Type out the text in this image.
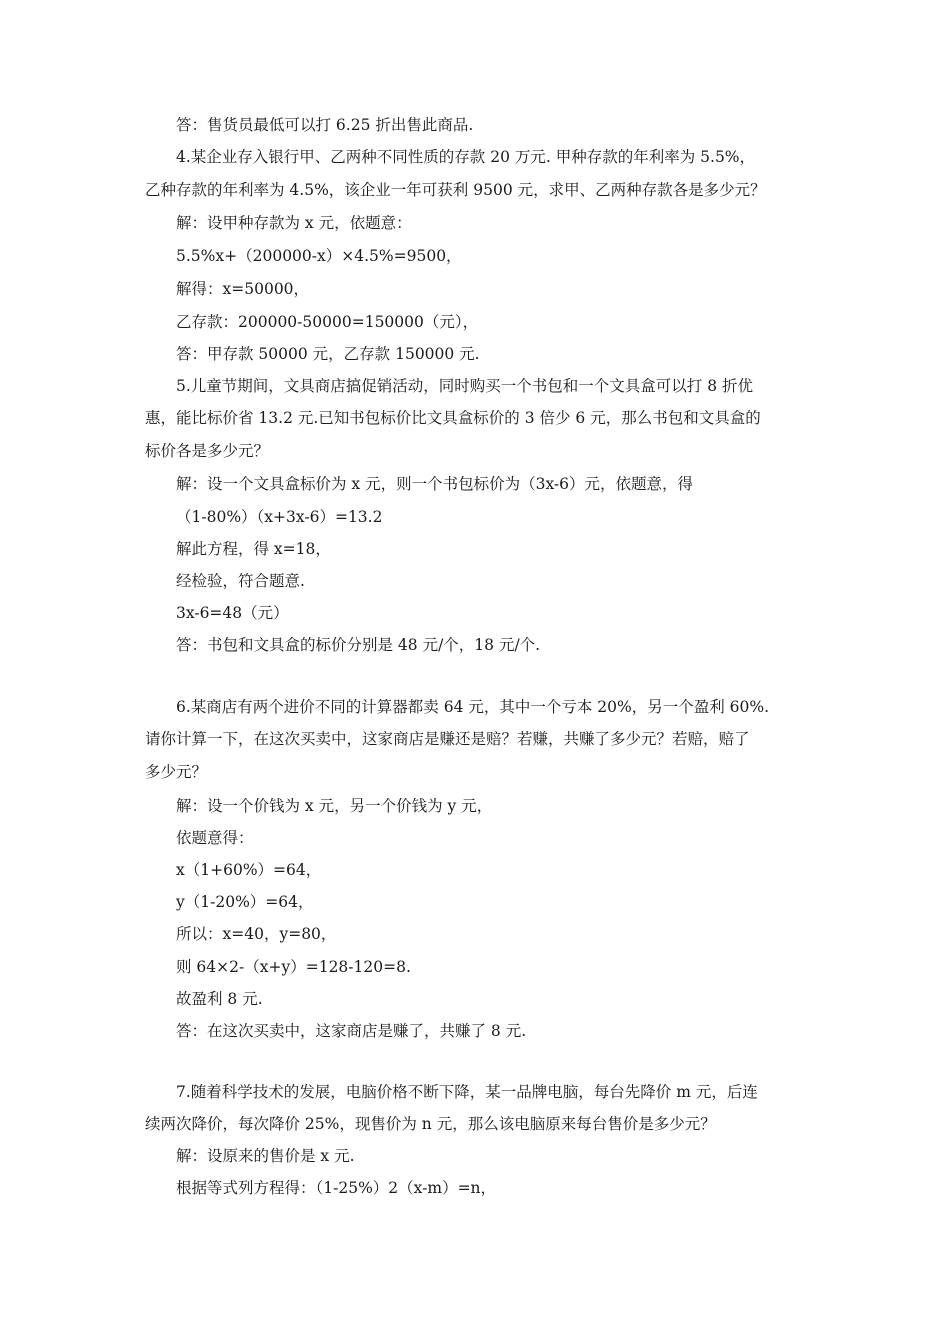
答：售货员最低可以打 6.25 折出售此商品.
4.某企业存入银行甲、乙两种不同性质的存款 20 万元. 甲种存款的年利率为 5.5%，
乙种存款的年利率为 4.5%，该企业一年可获利 9500 元，求甲、乙两种存款各是多少元？
解：设甲种存款为 x 元，依题意：
5.5%x+（200000-x）×4.5%=9500，
解得：x=50000，
乙存款：200000-50000=150000（元），
答：甲存款 50000 元，乙存款 150000 元.
5.儿童节期间，文具商店搞促销活动，同时购买一个书包和一个文具盒可以打 8 折优
惠，能比标价省 13.2 元.已知书包标价比文具盒标价的 3 倍少 6 元，那么书包和文具盒的
标价各是多少元？
解：设一个文具盒标价为 x 元，则一个书包标价为（3x-6）元，依题意，得
（1-80%）（x+3x-6）=13.2
解此方程，得 x=18，
经检验，符合题意.
3x-6=48（元）
答：书包和文具盒的标价分别是 48 元/个，18 元/个.
6.某商店有两个进价不同的计算器都卖 64 元，其中一个亏本 20%，另一个盈利 60%.
请你计算一下，在这次买卖中，这家商店是赚还是赔？若赚，共赚了多少元？若赔，赔了
多少元？
解：设一个价钱为 x 元，另一个价钱为 y 元，
依题意得：
x（1+60%）=64，
y（1-20%）=64，
所以：x=40，y=80，
则 64×2-（x+y）=128-120=8.
故盈利 8 元.
答：在这次买卖中，这家商店是赚了，共赚了 8 元.
7.随着科学技术的发展，电脑价格不断下降，某一品牌电脑，每台先降价 m 元，后连
续两次降价，每次降价 25%，现售价为 n 元，那么该电脑原来每台售价是多少元？
解：设原来的售价是 x 元.
根据等式列方程得：（1-25%）2（x-m）=n，
